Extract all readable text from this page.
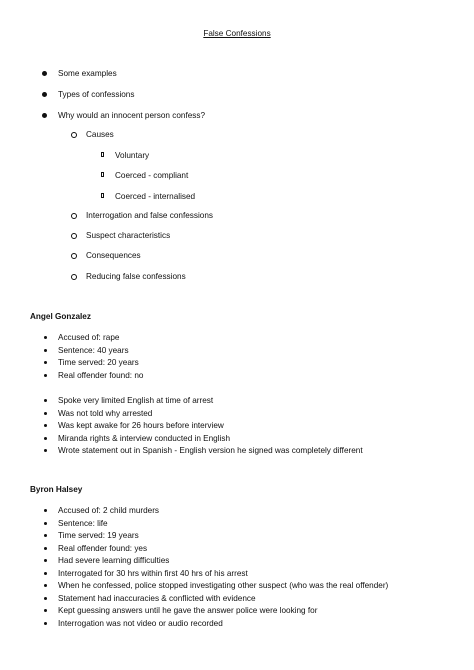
False Confessions
Some examples
Types of confessions
Why would an innocent person confess?
Causes
Voluntary
Coerced - compliant
Coerced - internalised
Interrogation and false confessions
Suspect characteristics
Consequences
Reducing false confessions
Angel Gonzalez
Accused of: rape
Sentence: 40 years
Time served: 20 years
Real offender found: no
Spoke very limited English at time of arrest
Was not told why arrested
Was kept awake for 26 hours before interview
Miranda rights & interview conducted in English
Wrote statement out in Spanish - English version he signed was completely different
Byron Halsey
Accused of: 2 child murders
Sentence: life
Time served: 19 years
Real offender found: yes
Had severe learning difficulties
Interrogated for 30 hrs within first 40 hrs of his arrest
When he confessed, police stopped investigating other suspect (who was the real offender)
Statement had inaccuracies & conflicted with evidence
Kept guessing answers until he gave the answer police were looking for
Interrogation was not video or audio recorded
